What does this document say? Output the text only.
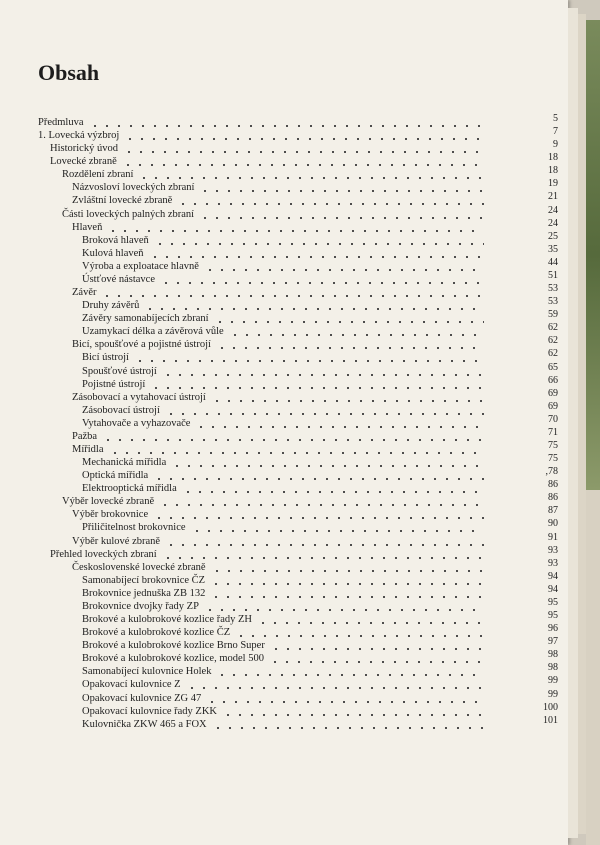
Obsah
Předmluva	5
1. Lovecká výzbroj	7
Historický úvod	9
Lovecké zbraně	18
Rozdělení zbraní	18
Názvosloví loveckých zbraní	19
Zvláštní lovecké zbraně	21
Části loveckých palných zbraní	24
Hlaveň	24
Broková hlaveň	25
Kulová hlaveň	35
Výroba a exploatace hlavně	44
Ústťové nástavce	51
Závěr	53
Druhy závěrů	53
Závěry samonabíjecích zbraní	59
Uzamykací délka a závěrová vůle	62
Bicí, spoušťové a pojistné ústrojí	62
Bicí ústrojí	62
Spoušťové ústrojí	65
Pojistné ústrojí	66
Zásobovací a vytahovací ústrojí	69
Zásobovací ústrojí	69
Vytahovače a vyhazovače	70
Pažba	71
Mířidla	75
Mechanická mířidla	75
Optická mířidla	,78
Elektrooptická mířidla	86
Výběr lovecké zbraně	86
Výběr brokovnice	87
Přiličitelnost brokovnice	90
Výběr kulové zbraně	91
Přehled loveckých zbraní	93
Československé lovecké zbraně	93
Samonabíjecí brokovnice ČZ	94
Brokovnice jednuška ZB 132	94
Brokovnice dvojky řady ZP	95
Brokové a kulobrokové kozlice řady ZH	95
Brokové a kulobrokové kozlice ČZ	96
Brokové a kulobrokové kozlice Brno Super	97
Brokové a kulobrokové kozlice, model 500	98
Samonabíjecí kulovnice Holek	98
Opakovací kulovnice Z	99
Opakovací kulovnice ZG 47	99
Opakovací kulovnice řady ZKK	100
Kulovnička ZKW 465 a FOX	101
